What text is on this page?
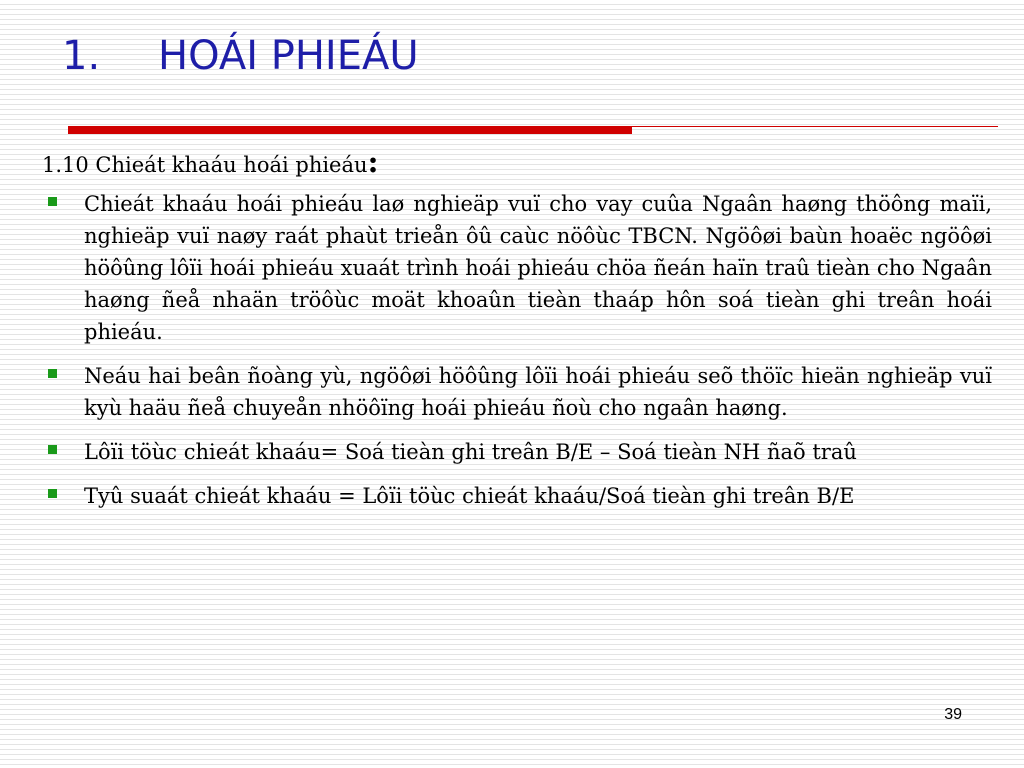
1. HOÁI PHIEÁU

1.10 Chieát khaáu hoái phieáu:

Chieát khaáu hoái phieáu laø nghieäp vuï cho vay cuûa Ngaân haøng thöông maïi, nghieäp vuï naøy raát phaùt trieån ôû caùc nöôùc TBCN. Ngöôøi baùn hoaëc ngöôøi höôûng lôïi hoái phieáu xuaát trình hoái phieáu chöa ñeán haïn traû tieàn cho Ngaân haøng ñeå nhaän tröôùc moät khoaûn tieàn thaáp hôn soá tieàn ghi treân hoái phieáu.
Neáu hai beân ñoàng yù, ngöôøi höôûng lôïi hoái phieáu seõ thöïc hieän nghieäp vuï kyù haäu ñeå chuyeån nhöôïng hoái phieáu ñoù cho ngaân haøng.
Lôïi töùc chieát khaáu= Soá tieàn ghi treân B/E – Soá tieàn NH ñaõ traû
Tyû suaát chieát khaáu = Lôïi töùc chieát khaáu/Soá tieàn ghi treân B/E
39
